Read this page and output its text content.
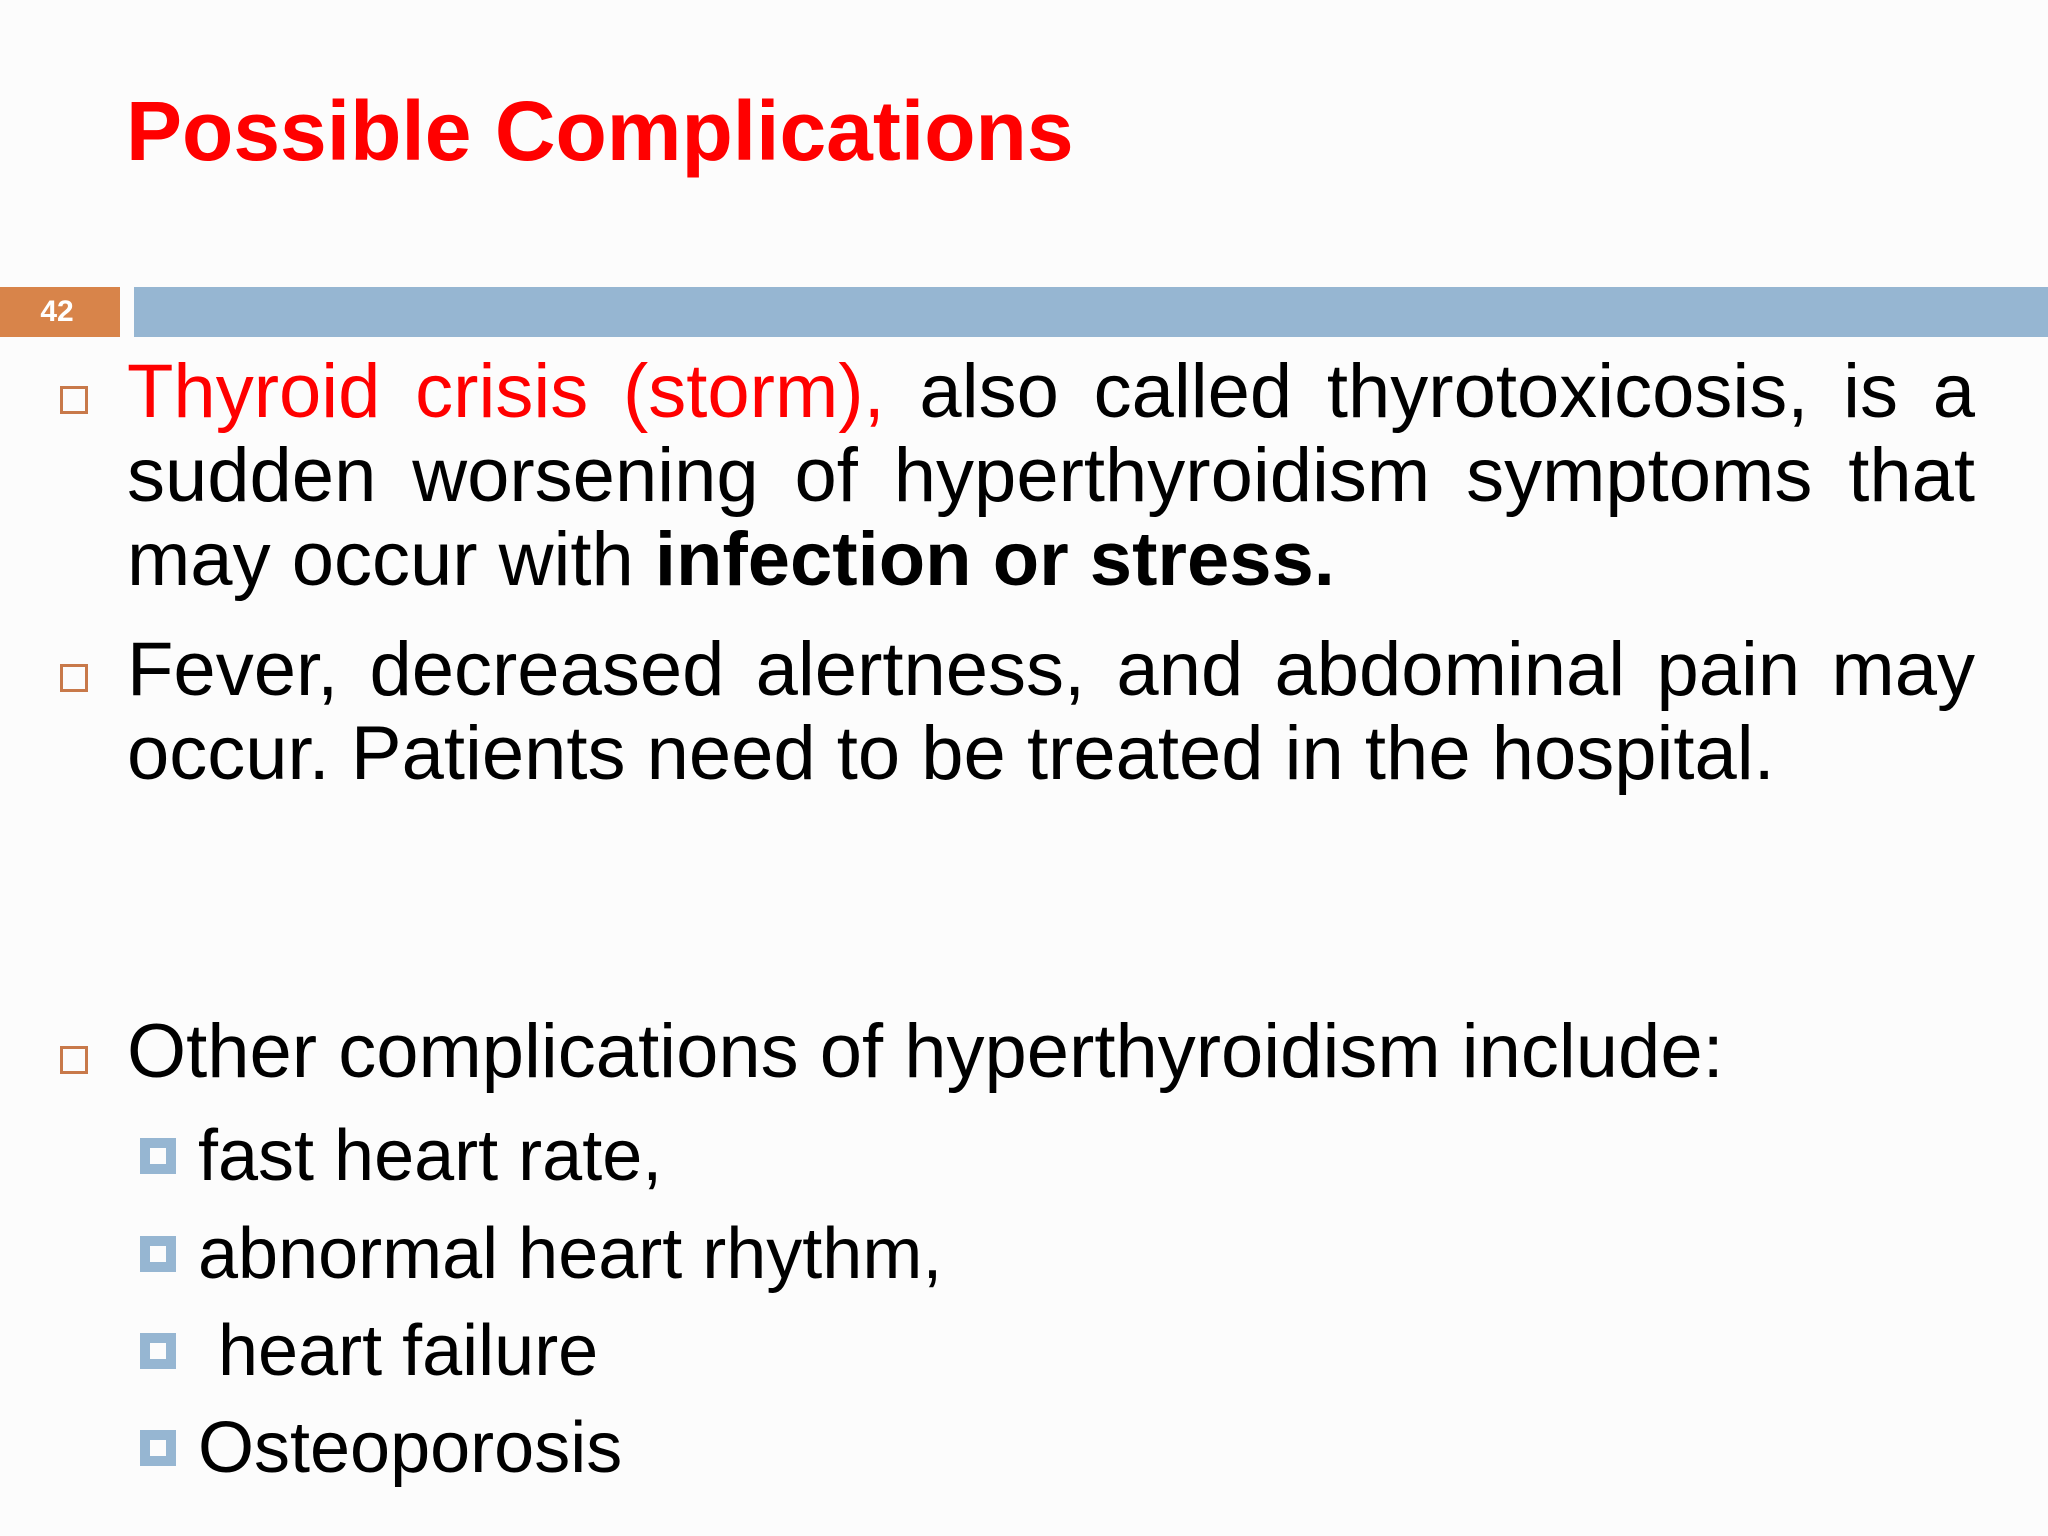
Possible Complications
42
Thyroid crisis (storm), also called thyrotoxicosis, is a sudden worsening of hyperthyroidism symptoms that may occur with infection or stress.
Fever, decreased alertness, and abdominal pain may occur. Patients need to be treated in the hospital.
Other complications of hyperthyroidism include:
fast heart rate,
abnormal heart rhythm,
heart failure
Osteoporosis
